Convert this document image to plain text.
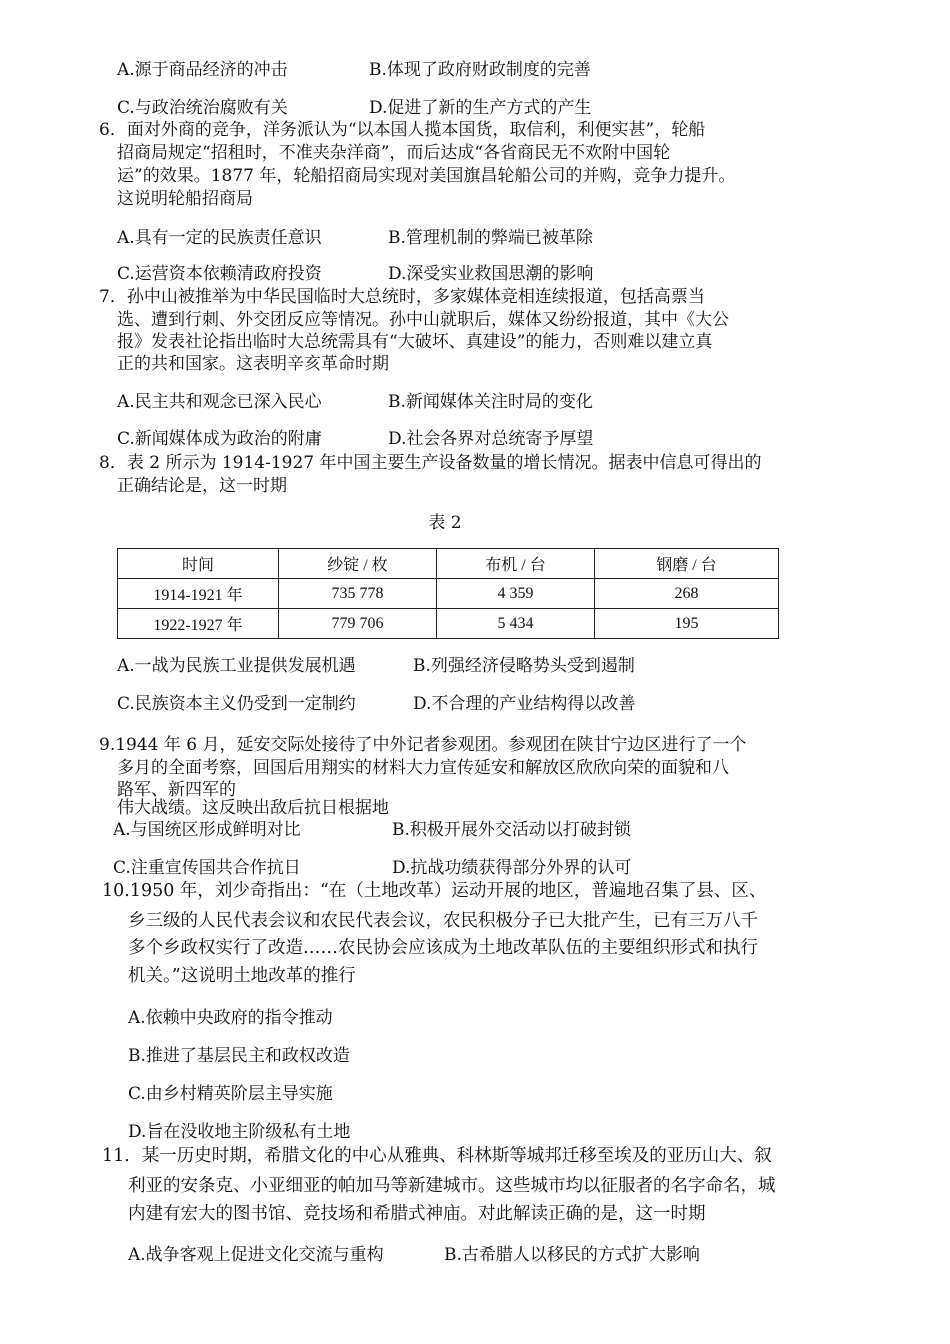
A.源于商品经济的冲击	B.体现了政府财政制度的完善
C.与政治统治腐败有关	D.促进了新的生产方式的产生
6．面对外商的竞争，洋务派认为“以本国人揽本国货，取信利，利便实甚”，轮船
招商局规定“招租时，不准夹杂洋商”，而后达成“各省商民无不欢附中国轮
运”的效果。1877 年，轮船招商局实现对美国旗昌轮船公司的并购，竞争力提升。
这说明轮船招商局
A.具有一定的民族责任意识	B.管理机制的弊端已被革除
C.运营资本依赖清政府投资	D.深受实业救国思潮的影响
7．孙中山被推举为中华民国临时大总统时，多家媒体竞相连续报道，包括高票当
选、遭到行刺、外交团反应等情况。孙中山就职后，媒体又纷纷报道，其中《大公
报》发表社论指出临时大总统需具有“大破坏、真建设”的能力，否则难以建立真
正的共和国家。这表明辛亥革命时期
A.民主共和观念已深入民心	B.新闻媒体关注时局的变化
C.新闻媒体成为政治的附庸	D.社会各界对总统寄予厚望
8．表 2 所示为 1914-1927 年中国主要生产设备数量的增长情况。据表中信息可得出的
正确结论是，这一时期
表 2
时间	纱锭 / 枚	布机 / 台	钢磨 / 台
1914-1921 年	735 778	4 359	268
1922-1927 年	779 706	5 434	195
A.一战为民族工业提供发展机遇	B.列强经济侵略势头受到遏制
C.民族资本主义仍受到一定制约	D.不合理的产业结构得以改善
9.1944 年 6 月，延安交际处接待了中外记者参观团。参观团在陕甘宁边区进行了一个
多月的全面考察，回国后用翔实的材料大力宣传延安和解放区欣欣向荣的面貌和八
路军、新四军的
伟大战绩。这反映出敌后抗日根据地
A.与国统区形成鲜明对比	B.积极开展外交活动以打破封锁
C.注重宣传国共合作抗日	D.抗战功绩获得部分外界的认可
10.1950 年，刘少奇指出：“在（土地改革）运动开展的地区，普遍地召集了县、区、
乡三级的人民代表会议和农民代表会议，农民积极分子已大批产生，已有三万八千
多个乡政权实行了改造……农民协会应该成为土地改革队伍的主要组织形式和执行
机关。”这说明土地改革的推行
A.依赖中央政府的指令推动
B.推进了基层民主和政权改造
C.由乡村精英阶层主导实施
D.旨在没收地主阶级私有土地
11．某一历史时期，希腊文化的中心从雅典、科林斯等城邦迁移至埃及的亚历山大、叙
利亚的安条克、小亚细亚的帕加马等新建城市。这些城市均以征服者的名字命名，城
内建有宏大的图书馆、竞技场和希腊式神庙。对此解读正确的是，这一时期
A.战争客观上促进文化交流与重构	B.古希腊人以移民的方式扩大影响
